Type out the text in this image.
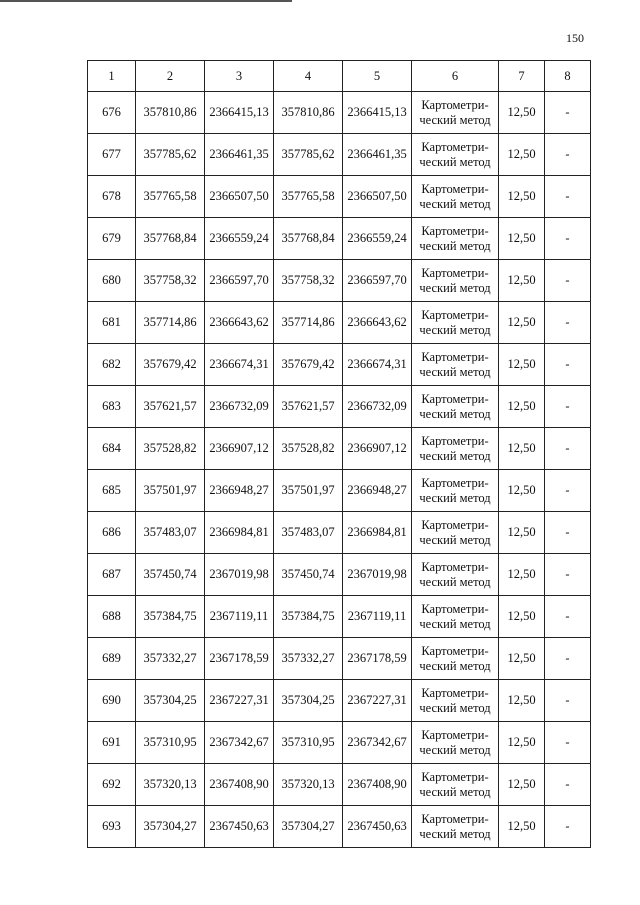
150
1	2	3	4	5	6	7	8
676	357810,86	2366415,13	357810,86	2366415,13	Картометри-
ческий метод	12,50	-
677	357785,62	2366461,35	357785,62	2366461,35	Картометри-
ческий метод	12,50	-
678	357765,58	2366507,50	357765,58	2366507,50	Картометри-
ческий метод	12,50	-
679	357768,84	2366559,24	357768,84	2366559,24	Картометри-
ческий метод	12,50	-
680	357758,32	2366597,70	357758,32	2366597,70	Картометри-
ческий метод	12,50	-
681	357714,86	2366643,62	357714,86	2366643,62	Картометри-
ческий метод	12,50	-
682	357679,42	2366674,31	357679,42	2366674,31	Картометри-
ческий метод	12,50	-
683	357621,57	2366732,09	357621,57	2366732,09	Картометри-
ческий метод	12,50	-
684	357528,82	2366907,12	357528,82	2366907,12	Картометри-
ческий метод	12,50	-
685	357501,97	2366948,27	357501,97	2366948,27	Картометри-
ческий метод	12,50	-
686	357483,07	2366984,81	357483,07	2366984,81	Картометри-
ческий метод	12,50	-
687	357450,74	2367019,98	357450,74	2367019,98	Картометри-
ческий метод	12,50	-
688	357384,75	2367119,11	357384,75	2367119,11	Картометри-
ческий метод	12,50	-
689	357332,27	2367178,59	357332,27	2367178,59	Картометри-
ческий метод	12,50	-
690	357304,25	2367227,31	357304,25	2367227,31	Картометри-
ческий метод	12,50	-
691	357310,95	2367342,67	357310,95	2367342,67	Картометри-
ческий метод	12,50	-
692	357320,13	2367408,90	357320,13	2367408,90	Картометри-
ческий метод	12,50	-
693	357304,27	2367450,63	357304,27	2367450,63	Картометри-
ческий метод	12,50	-
